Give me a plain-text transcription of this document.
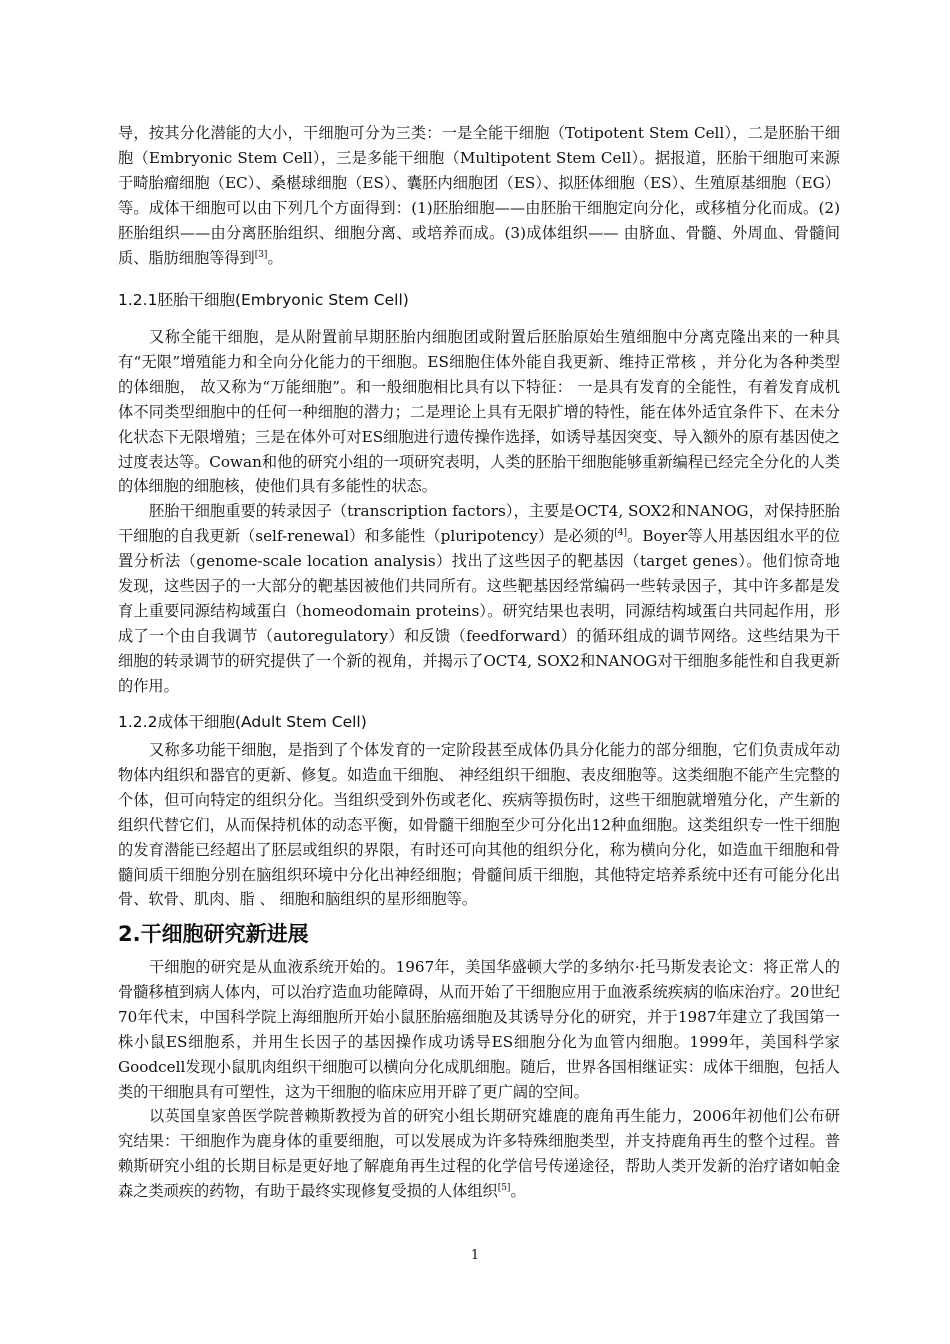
导，按其分化潜能的大小，干细胞可分为三类：一是全能干细胞（Totipotent Stem Cell），二是胚胎干细胞（Embryonic Stem Cell），三是多能干细胞（Multipotent Stem Cell）。据报道，胚胎干细胞可来源于畸胎瘤细胞（EC）、桑椹球细胞（ES）、囊胚内细胞团（ES）、拟胚体细胞（ES）、生殖原基细胞（EG）等。成体干细胞可以由下列几个方面得到：(1)胚胎细胞——由胚胎干细胞定向分化，或移植分化而成。(2)胚胎组织——由分离胚胎组织、细胞分离、或培养而成。(3)成体组织—— 由脐血、骨髓、外周血、骨髓间质、脂肪细胞等得到[3]。

1.2.1胚胎干细胞(Embryonic Stem Cell)

又称全能干细胞，是从附置前早期胚胎内细胞团或附置后胚胎原始生殖细胞中分离克隆出来的一种具有“无限”增殖能力和全向分化能力的干细胞。ES细胞住体外能自我更新、维持正常核 ，并分化为各种类型的体细胞， 故又称为“万能细胞”。和一般细胞相比具有以下特征： 一是具有发育的全能性，有着发育成机体不同类型细胞中的任何一种细胞的潜力；二是理论上具有无限扩增的特性，能在体外适宜条件下、在未分化状态下无限增殖；三是在体外可对ES细胞进行遗传操作选择，如诱导基因突变、导入额外的原有基因使之过度表达等。Cowan和他的研究小组的一项研究表明，人类的胚胎干细胞能够重新编程已经完全分化的人类的体细胞的细胞核，使他们具有多能性的状态。

胚胎干细胞重要的转录因子（transcription factors），主要是OCT4, SOX2和NANOG，对保持胚胎干细胞的自我更新（self-renewal）和多能性（pluripotency）是必须的[4]。Boyer等人用基因组水平的位置分析法（genome-scale location analysis）找出了这些因子的靶基因（target genes）。他们惊奇地发现，这些因子的一大部分的靶基因被他们共同所有。这些靶基因经常编码一些转录因子，其中许多都是发育上重要同源结构域蛋白（homeodomain proteins）。研究结果也表明，同源结构域蛋白共同起作用，形成了一个由自我调节（autoregulatory）和反馈（feedforward）的循环组成的调节网络。这些结果为干细胞的转录调节的研究提供了一个新的视角，并揭示了OCT4, SOX2和NANOG对干细胞多能性和自我更新的作用。

1.2.2成体干细胞(Adult Stem Cell)

又称多功能干细胞，是指到了个体发育的一定阶段甚至成体仍具分化能力的部分细胞，它们负责成年动物体内组织和器官的更新、修复。如造血干细胞、 神经组织干细胞、表皮细胞等。这类细胞不能产生完整的个体，但可向特定的组织分化。当组织受到外伤或老化、疾病等损伤时，这些干细胞就增殖分化，产生新的组织代替它们，从而保持机体的动态平衡，如骨髓干细胞至少可分化出12种血细胞。这类组织专一性干细胞的发育潜能已经超出了胚层或组织的界限，有时还可向其他的组织分化，称为横向分化，如造血干细胞和骨髓间质干细胞分别在脑组织环境中分化出神经细胞；骨髓间质干细胞，其他特定培养系统中还有可能分化出骨、软骨、肌肉、脂 、 细胞和脑组织的星形细胞等。

2.干细胞研究新进展

干细胞的研究是从血液系统开始的。1967年，美国华盛顿大学的多纳尔·托马斯发表论文：将正常人的骨髓移植到病人体内，可以治疗造血功能障碍，从而开始了干细胞应用于血液系统疾病的临床治疗。20世纪70年代末，中国科学院上海细胞所开始小鼠胚胎癌细胞及其诱导分化的研究，并于1987年建立了我国第一株小鼠ES细胞系，并用生长因子的基因操作成功诱导ES细胞分化为血管内细胞。1999年，美国科学家Goodcell发现小鼠肌肉组织干细胞可以横向分化成肌细胞。随后，世界各国相继证实：成体干细胞，包括人类的干细胞具有可塑性，这为干细胞的临床应用开辟了更广阔的空间。

以英国皇家兽医学院普赖斯教授为首的研究小组长期研究雄鹿的鹿角再生能力，2006年初他们公布研究结果：干细胞作为鹿身体的重要细胞，可以发展成为许多特殊细胞类型，并支持鹿角再生的整个过程。普赖斯研究小组的长期目标是更好地了解鹿角再生过程的化学信号传递途径，帮助人类开发新的治疗诸如帕金森之类顽疾的药物，有助于最终实现修复受损的人体组织[5]。

1
